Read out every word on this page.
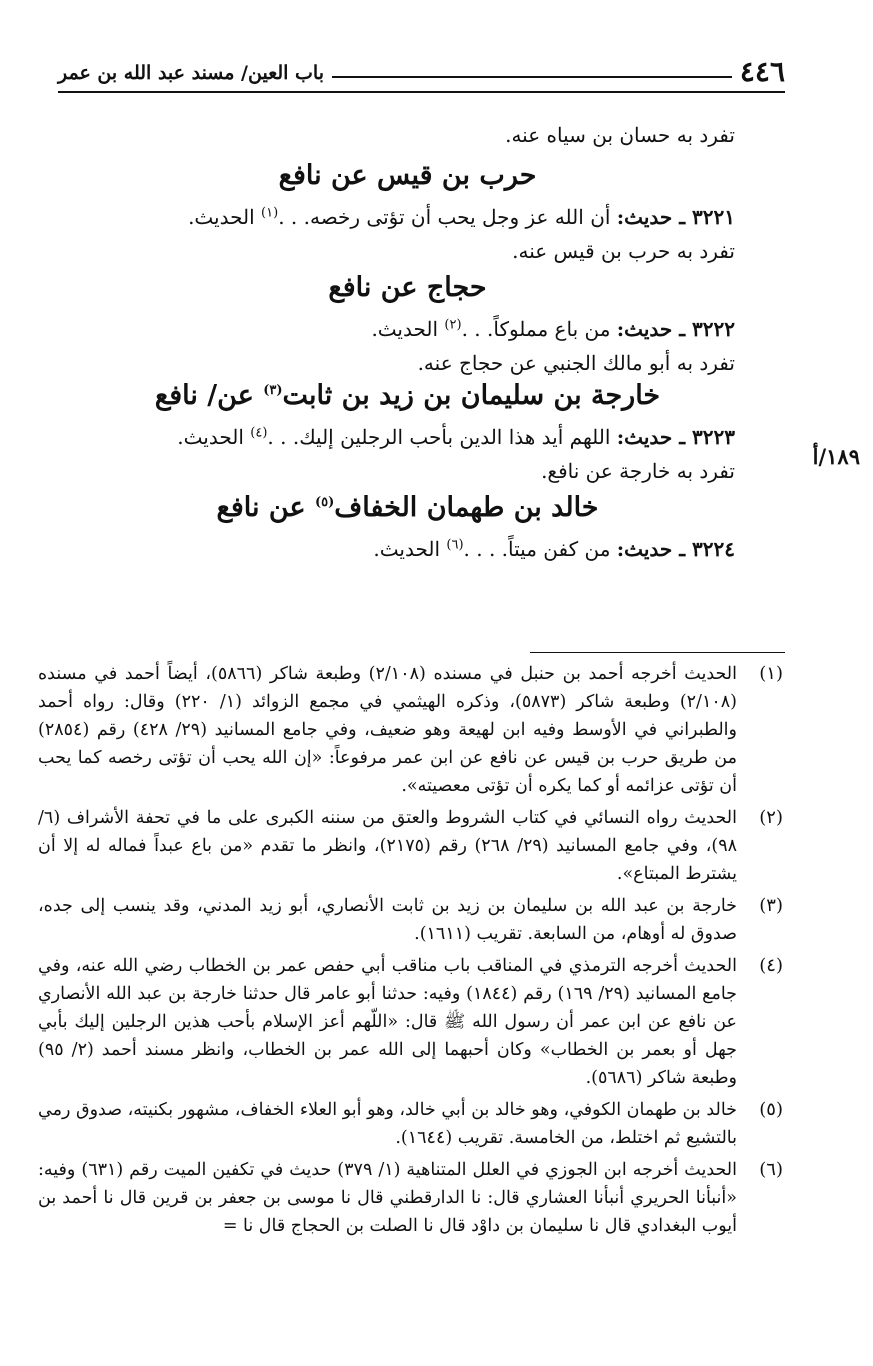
٤٤٦
باب العين/ مسند عبد الله بن عمر
١٨٩/أ
تفرد به حسان بن سياه عنه.
حرب بن قيس عن نافع
٣٢٢١ ـ حديث: أن الله عز وجل يحب أن تؤتى رخصه. . .$^{(١)}$ الحديث.
تفرد به حرب بن قيس عنه.
حجاج عن نافع
٣٢٢٢ ـ حديث: من باع مملوكاً. . .$^{(٢)}$ الحديث.
تفرد به أبو مالك الجنبي عن حجاج عنه.
خارجة بن سليمان بن زيد بن ثابت$^{(٣)}$ عن/ نافع
٣٢٢٣ ـ حديث: اللهم أيد هذا الدين بأحب الرجلين إليك. . .$^{(٤)}$ الحديث.
تفرد به خارجة عن نافع.
خالد بن طهمان الخفاف$^{(٥)}$ عن نافع
٣٢٢٤ ـ حديث: من كفن ميتاً. . . .$^{(٦)}$ الحديث.
(١)
الحديث أخرجه أحمد بن حنبل في مسنده (٢/١٠٨) وطبعة شاكر (٥٨٦٦)، أيضاً أحمد في مسنده (٢/١٠٨) وطبعة شاكر (٥٨٧٣)، وذكره الهيثمي في مجمع الزوائد (١/ ٢٢٠) وقال: رواه أحمد والطبراني في الأوسط وفيه ابن لهيعة وهو ضعيف، وفي جامع المسانيد (٢٩/ ٤٢٨) رقم (٢٨٥٤) من طريق حرب بن قيس عن نافع عن ابن عمر مرفوعاً: «إن الله يحب أن تؤتى رخصه كما يحب أن تؤتى عزائمه أو كما يكره أن تؤتى معصيته».
(٢)
الحديث رواه النسائي في كتاب الشروط والعتق من سننه الكبرى على ما في تحفة الأشراف (٦/ ٩٨)، وفي جامع المسانيد (٢٩/ ٢٦٨) رقم (٢١٧٥)، وانظر ما تقدم «من باع عبداً فماله له إلا أن يشترط المبتاع».
(٣)
خارجة بن عبد الله بن سليمان بن زيد بن ثابت الأنصاري، أبو زيد المدني، وقد ينسب إلى جده، صدوق له أوهام، من السابعة. تقريب (١٦١١).
(٤)
الحديث أخرجه الترمذي في المناقب باب مناقب أبي حفص عمر بن الخطاب رضي الله عنه، وفي جامع المسانيد (٢٩/ ١٦٩) رقم (١٨٤٤) وفيه: حدثنا أبو عامر قال حدثنا خارجة بن عبد الله الأنصاري عن نافع عن ابن عمر أن رسول الله ﷺ قال: «اللّهم أعز الإسلام بأحب هذين الرجلين إليك بأبي جهل أو بعمر بن الخطاب» وكان أحبهما إلى الله عمر بن الخطاب، وانظر مسند أحمد (٢/ ٩٥) وطبعة شاكر (٥٦٨٦).
(٥)
خالد بن طهمان الكوفي، وهو خالد بن أبي خالد، وهو أبو العلاء الخفاف، مشهور بكنيته، صدوق رمي بالتشيع ثم اختلط، من الخامسة. تقريب (١٦٤٤).
(٦)
الحديث أخرجه ابن الجوزي في العلل المتناهية (١/ ٣٧٩) حديث في تكفين الميت رقم (٦٣١) وفيه: «أنبأنا الحريري أنبأنا العشاري قال: نا الدارقطني قال نا موسى بن جعفر بن قرين قال نا أحمد بن أيوب البغدادي قال نا سليمان بن داوْد قال نا الصلت بن الحجاج قال نا =
